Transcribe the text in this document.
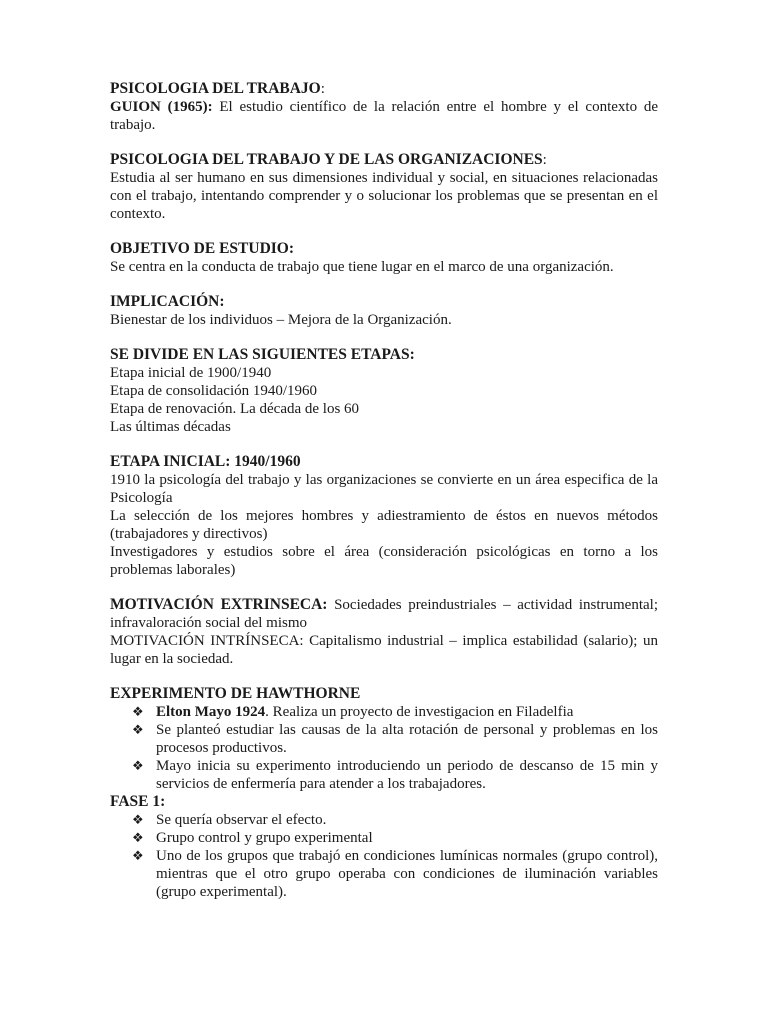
PSICOLOGIA DEL TRABAJO:
GUION (1965): El estudio científico de la relación entre el hombre y el contexto de trabajo.
PSICOLOGIA DEL TRABAJO Y DE LAS ORGANIZACIONES:
Estudia al ser humano en sus dimensiones individual y social, en situaciones relacionadas con el trabajo, intentando comprender y o solucionar los problemas que se presentan en el contexto.
OBJETIVO DE ESTUDIO:
Se centra en la conducta de trabajo que tiene lugar en el marco de una organización.
IMPLICACIÓN:
Bienestar de los individuos – Mejora de la Organización.
SE DIVIDE EN LAS SIGUIENTES ETAPAS:
Etapa inicial de 1900/1940
Etapa de consolidación 1940/1960
Etapa de renovación. La década de los 60
Las últimas décadas
ETAPA INICIAL: 1940/1960
1910 la psicología del trabajo y las organizaciones se convierte en un área especifica de la Psicología
La selección de los mejores hombres y adiestramiento de éstos en nuevos métodos (trabajadores y directivos)
Investigadores y estudios sobre el área (consideración psicológicas en torno a los problemas laborales)
MOTIVACIÓN EXTRINSECA: Sociedades preindustriales – actividad instrumental; infravaloración social del mismo
MOTIVACIÓN INTRÍNSECA: Capitalismo industrial – implica estabilidad (salario); un lugar en la sociedad.
EXPERIMENTO DE HAWTHORNE
❖ Elton Mayo 1924. Realiza un proyecto de investigacion en Filadelfia
❖ Se planteó estudiar las causas de la alta rotación de personal y problemas en los procesos productivos.
❖ Mayo inicia su experimento introduciendo un periodo de descanso de 15 min y servicios de enfermería para atender a los trabajadores.
FASE 1:
❖ Se quería observar el efecto.
❖ Grupo control y grupo experimental
❖ Uno de los grupos que trabajó en condiciones lumínicas normales (grupo control), mientras que el otro grupo operaba con condiciones de iluminación variables (grupo experimental).
